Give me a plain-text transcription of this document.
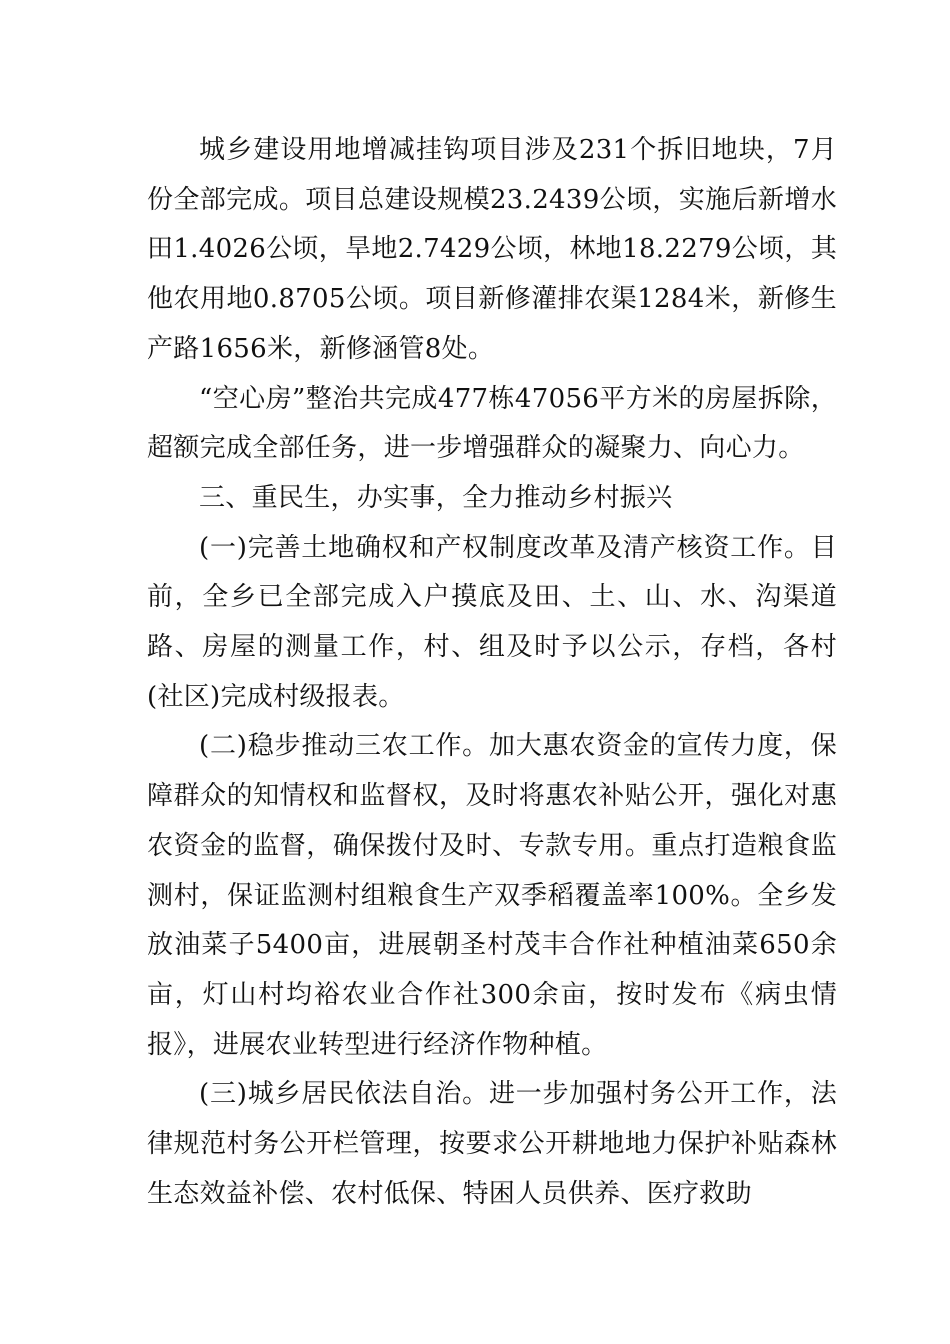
城乡建设用地增减挂钩项目涉及231个拆旧地块，7月份全部完成。项目总建设规模23.2439公顷，实施后新增水田1.4026公顷，旱地2.7429公顷，林地18.2279公顷，其他农用地0.8705公顷。项目新修灌排农渠1284米，新修生产路1656米，新修涵管8处。

“空心房”整治共完成477栋47056平方米的房屋拆除，超额完成全部任务，进一步增强群众的凝聚力、向心力。

三、重民生，办实事，全力推动乡村振兴

(一)完善土地确权和产权制度改革及清产核资工作。目前，全乡已全部完成入户摸底及田、土、山、水、沟渠道路、房屋的测量工作，村、组及时予以公示，存档，各村(社区)完成村级报表。

(二)稳步推动三农工作。加大惠农资金的宣传力度，保障群众的知情权和监督权，及时将惠农补贴公开，强化对惠农资金的监督，确保拨付及时、专款专用。重点打造粮食监测村，保证监测村组粮食生产双季稻覆盖率100%。全乡发放油菜子5400亩，进展朝圣村茂丰合作社种植油菜650余亩，灯山村均裕农业合作社300余亩，按时发布《病虫情报》，进展农业转型进行经济作物种植。

(三)城乡居民依法自治。进一步加强村务公开工作，法律规范村务公开栏管理，按要求公开耕地地力保护补贴森林生态效益补偿、农村低保、特困人员供养、医疗救助
